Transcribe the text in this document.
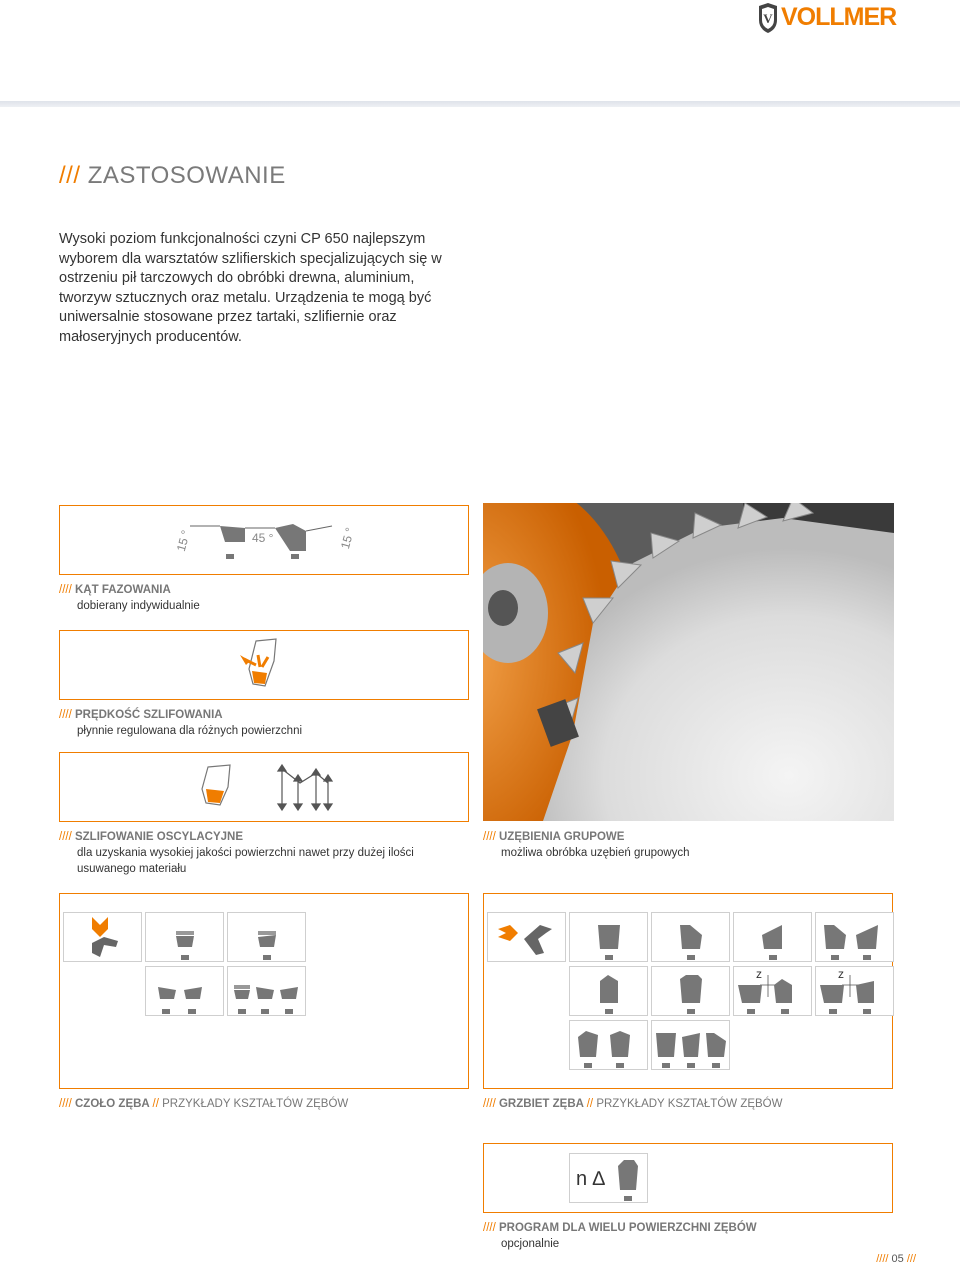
V VOLLMER
/// ZASTOSOWANIE
Wysoki poziom funkcjonalności czyni CP 650 najlepszym wyborem dla warsztatów szlifierskich specjalizujących się w ostrzeniu pił tarczowych do obróbki drewna, aluminium, tworzyw sztucznych oraz metalu. Urządzenia te mogą być uniwersalnie stosowane przez tartaki, szlifiernie oraz małoseryjnych producentów.
15 °	45 °	15 °
//// KĄT FAZOWANIA
dobierany indywidualnie
//// PRĘDKOŚĆ SZLIFOWANIA
płynnie regulowana dla różnych powierzchni
//// SZLIFOWANIE OSCYLACYJNE
dla uzyskania wysokiej jakości powierzchni nawet przy dużej ilości usuwanego materiału
//// UZĘBIENIA GRUPOWE
możliwa obróbka uzębień grupowych
//// CZOŁO ZĘBA // PRZYKŁADY KSZTAŁTÓW ZĘBÓW
z	z
//// GRZBIET ZĘBA // PRZYKŁADY KSZTAŁTÓW ZĘBÓW
n ∆
//// PROGRAM DLA WIELU POWIERZCHNI ZĘBÓW
opcjonalnie
//// 05 ///
